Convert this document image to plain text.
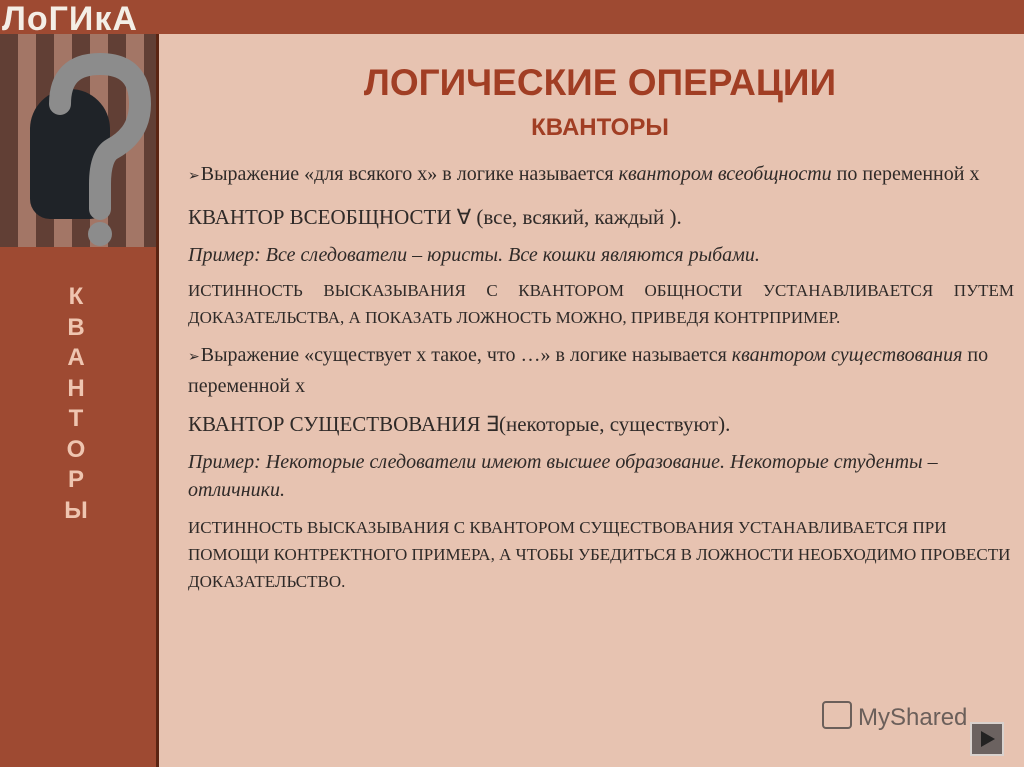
ЛоГИкА
К
В
А
Н
Т
О
Р
Ы
ЛОГИЧЕСКИЕ ОПЕРАЦИИ
КВАНТОРЫ

➢Выражение «для всякого х» в логике называется квантором всеобщности по переменной х

КВАНТОР ВСЕОБЩНОСТИ ∀ (все, всякий, каждый ).

Пример: Все следователи – юристы. Все кошки являются рыбами.

ИСТИННОСТЬ ВЫСКАЗЫВАНИЯ С КВАНТОРОМ ОБЩНОСТИ УСТАНАВЛИВАЕТСЯ ПУТЕМ ДОКАЗАТЕЛЬСТВА, А ПОКАЗАТЬ ЛОЖНОСТЬ МОЖНО, ПРИВЕДЯ КОНТРПРИМЕР.

➢Выражение «существует х такое, что …» в логике называется квантором существования по переменной х

КВАНТОР СУЩЕСТВОВАНИЯ ∃(некоторые, существуют).

Пример: Некоторые следователи имеют высшее образование. Некоторые студенты – отличники.

ИСТИННОСТЬ ВЫСКАЗЫВАНИЯ С КВАНТОРОМ СУЩЕСТВОВАНИЯ УСТАНАВЛИВАЕТСЯ ПРИ ПОМОЩИ КОНТРЕКТНОГО ПРИМЕРА, А ЧТОБЫ УБЕДИТЬСЯ В ЛОЖНОСТИ НЕОБХОДИМО ПРОВЕСТИ ДОКАЗАТЕЛЬСТВО.

MyShared
